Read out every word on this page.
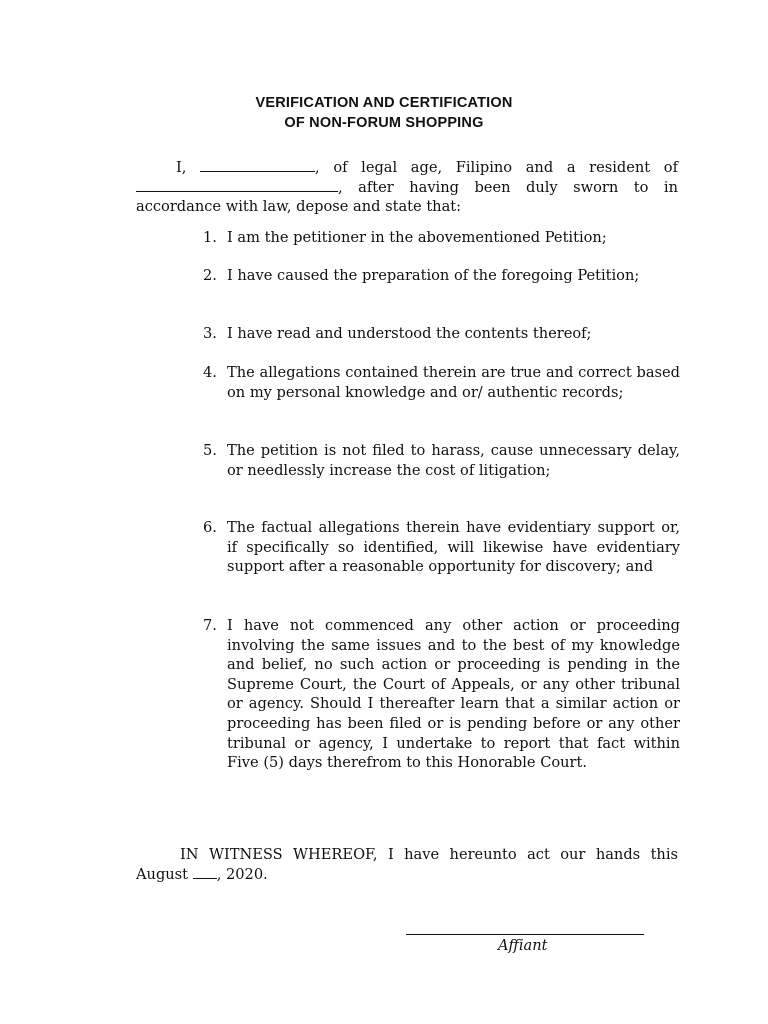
VERIFICATION AND CERTIFICATION
OF NON-FORUM SHOPPING

I,	, of legal age, Filipino and a resident of , after having been duly sworn to in accordance with law, depose and state that:

1. I am the petitioner in the abovementioned Petition;
2. I have caused the preparation of the foregoing Petition;
3. I have read and understood the contents thereof;
4. The allegations contained therein are true and correct based on my personal knowledge and or/ authentic records;
5. The petition is not filed to harass, cause unnecessary delay, or needlessly increase the cost of litigation;
6. The factual allegations therein have evidentiary support or, if specifically so identified, will likewise have evidentiary support after a reasonable opportunity for discovery; and
7. I have not commenced any other action or proceeding involving the same issues and to the best of my knowledge and belief, no such action or proceeding is pending in the Supreme Court, the Court of Appeals, or any other tribunal or agency. Should I thereafter learn that a similar action or proceeding has been filed or is pending before or any other tribunal or agency, I undertake to report that fact within Five (5) days therefrom to this Honorable Court.

IN WITNESS WHEREOF, I have hereunto act our hands this August , 2020.

Affiant
